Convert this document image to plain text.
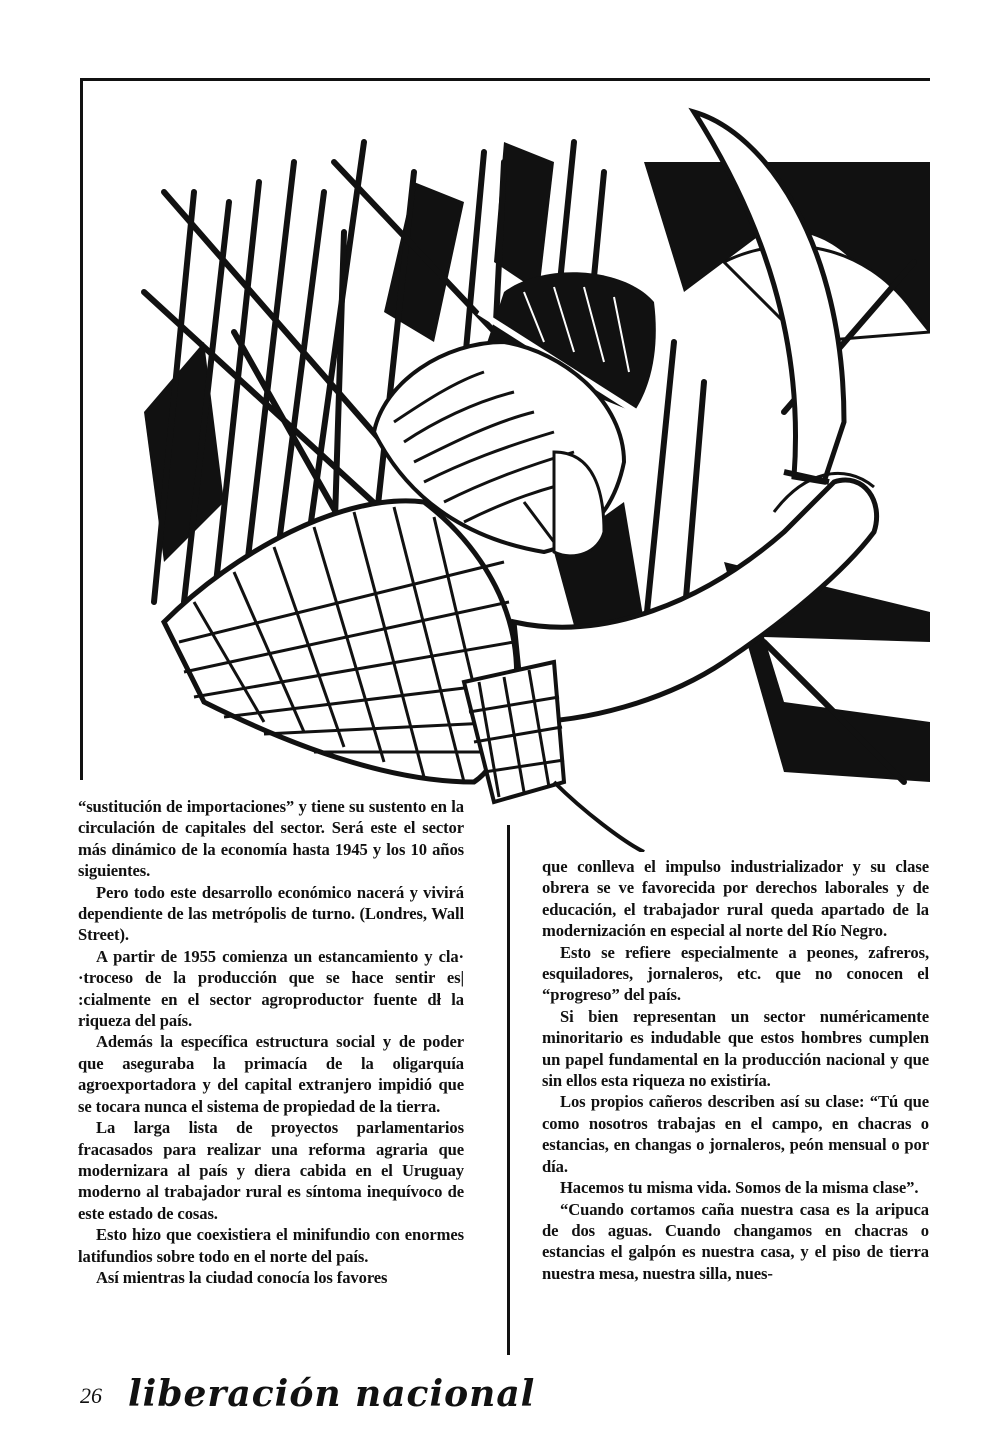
“sustitución de importaciones” y tiene su sustento en la circulación de capitales del sector. Será este el sector más dinámico de la economía hasta 1945 y los 10 años siguientes.

Pero todo este desarrollo económico nacerá y vivirá dependiente de las metrópolis de turno. (Londres, Wall Street).

A partir de 1955 comienza un estancamiento y cla· ·troceso de la producción que se hace sentir es| :cialmente en el sector agroproductor fuente d⁠ł la riqueza del país.

Además la específica estructura social y de poder que aseguraba la primacía de la oligarquía agroexportadora y del capital extranjero impidió que se tocara nunca el sistema de propiedad de la tierra.

La larga lista de proyectos parlamentarios fracasados para realizar una reforma agraria que modernizara al país y diera cabida en el Uruguay moderno al trabajador rural es síntoma inequívoco de este estado de cosas.

Esto hizo que coexistiera el minifundio con enormes latifundios sobre todo en el norte del país.

Así mientras la ciudad conocía los favores

que conlleva el impulso industrializador y su clase obrera se ve favorecida por derechos laborales y de educación, el trabajador rural queda apartado de la modernización en especial al norte del Río Negro.

Esto se refiere especialmente a peones, zafreros, esquiladores, jornaleros, etc. que no conocen el “progreso” del país.

Si bien representan un sector numéricamente minoritario es indudable que estos hombres cumplen un papel fundamental en la producción nacional y que sin ellos esta riqueza no existiría.

Los propios cañeros describen así su clase: “Tú que como nosotros trabajas en el campo, en chacras o estancias, en changas o jornaleros, peón mensual o por día.

Hacemos tu misma vida. Somos de la misma clase”.

“Cuando cortamos caña nuestra casa es la aripuca de dos aguas. Cuando changamos en chacras o estancias el galpón es nuestra casa, y el piso de tierra nuestra mesa, nuestra silla, nues-

26 liberación nacional
